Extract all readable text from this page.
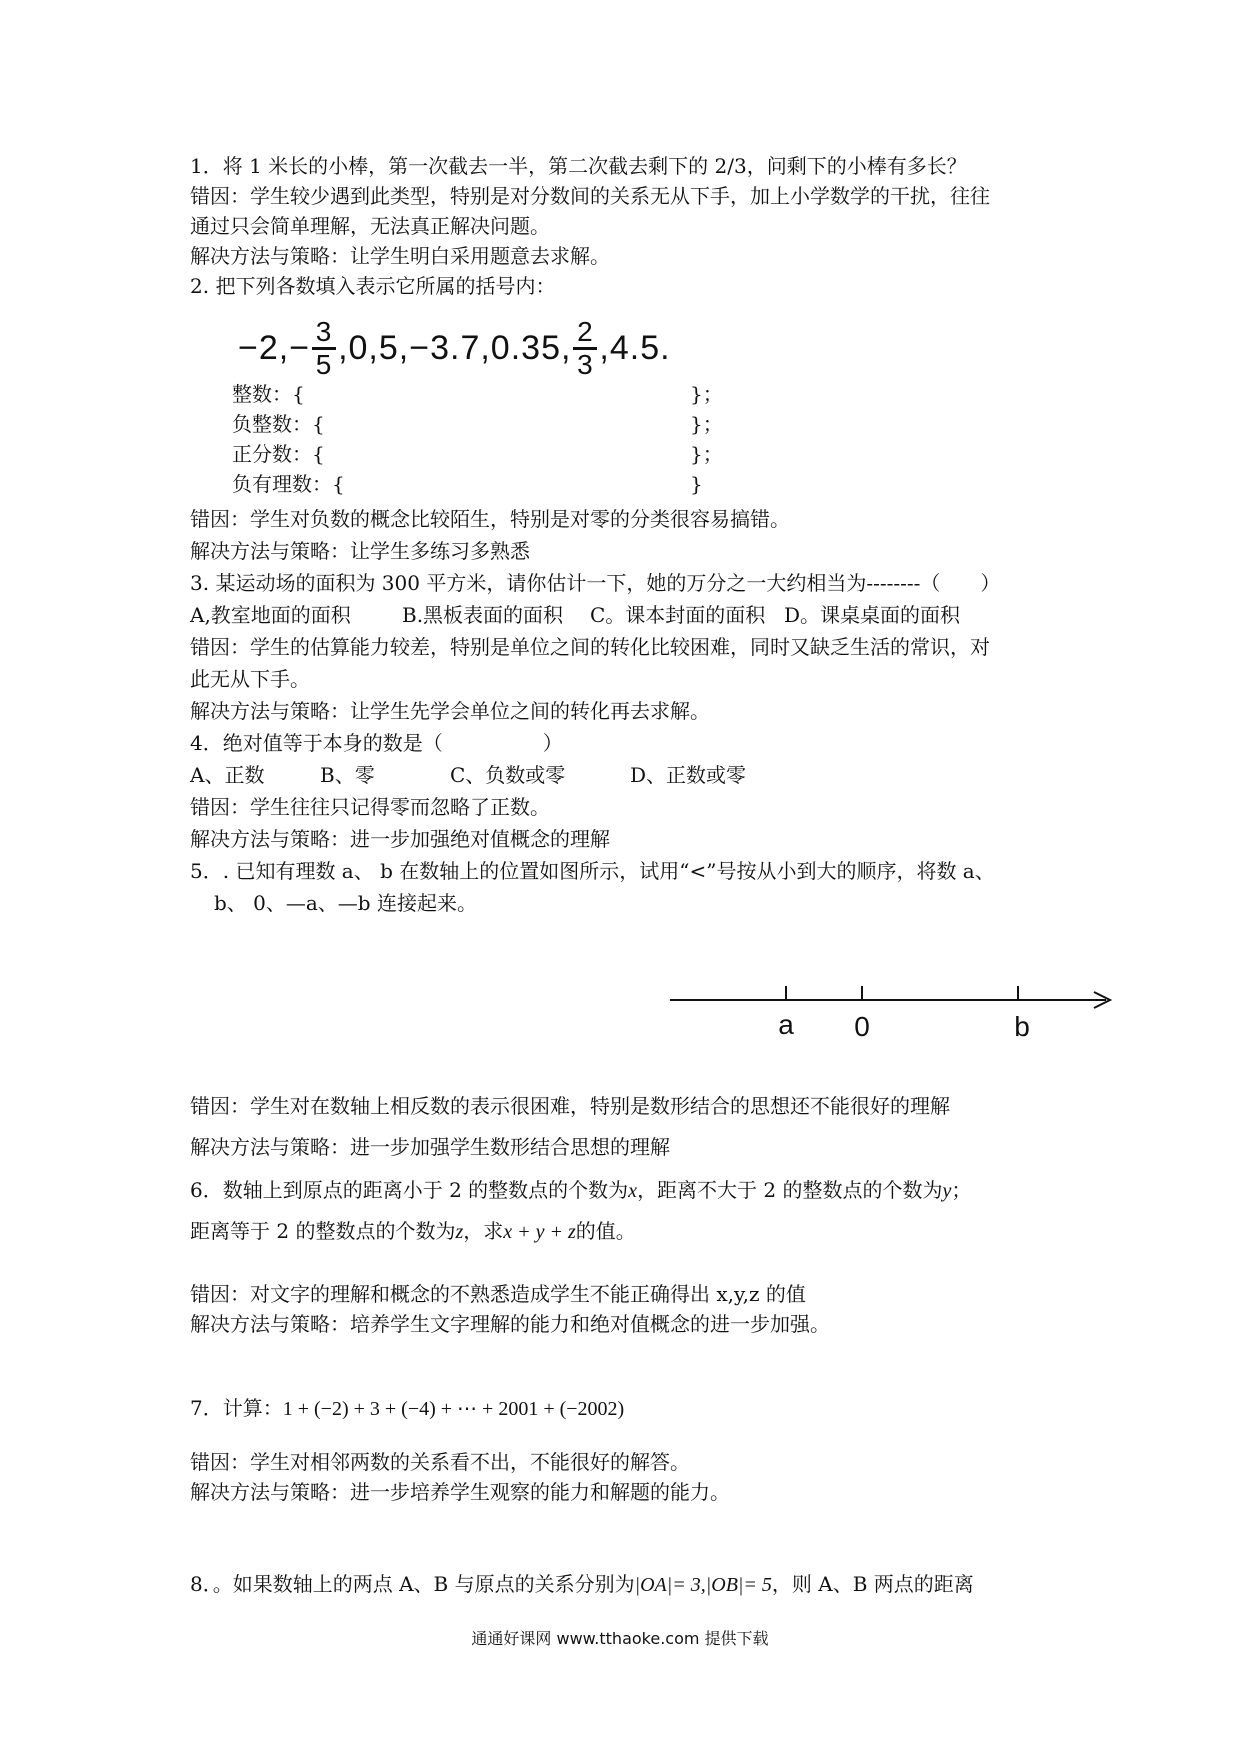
1．将 1 米长的小棒，第一次截去一半，第二次截去剩下的 2/3，问剩下的小棒有多长？
错因：学生较少遇到此类型，特别是对分数间的关系无从下手，加上小学数学的干扰，往往
通过只会简单理解，无法真正解决问题。
解决方法与策略：让学生明白采用题意去求解。
2. 把下列各数填入表示它所属的括号内：
−2, − $\frac{3}{5} ,0,5,-3.7,0.35$, $\frac{2}{3} ,4.5$.
整数：{	}；
负整数：{	}；
正分数：{	}；
负有理数：{	}
错因：学生对负数的概念比较陌生，特别是对零的分类很容易搞错。
解决方法与策略：让学生多练习多熟悉
3. 某运动场的面积为 300 平方米，请你估计一下，她的万分之一大约相当为--------（　　）
A,教室地面的面积	B.黑板表面的面积 C。课本封面的面积 D。课桌桌面的面积
错因：学生的估算能力较差，特别是单位之间的转化比较困难，同时又缺乏生活的常识，对
此无从下手。
解决方法与策略：让学生先学会单位之间的转化再去求解。
4．绝对值等于本身的数是（　　　　　）
A、正数	B、零	C、负数或零	D、正数或零
错因：学生往往只记得零而忽略了正数。
解决方法与策略：进一步加强绝对值概念的理解
5．. 已知有理数 a、 b 在数轴上的位置如图所示，试用“<”号按从小到大的顺序，将数 a、
b、 0、—a、—b 连接起来。
a 0	b
错因：学生对在数轴上相反数的表示很困难，特别是数形结合的思想还不能很好的理解
解决方法与策略：进一步加强学生数形结合思想的理解
6．数轴上到原点的距离小于 2 的整数点的个数为x，距离不大于 2 的整数点的个数为y；
距离等于 2 的整数点的个数为z，求x + y + z的值。
错因：对文字的理解和概念的不熟悉造成学生不能正确得出 x,y,z 的值
解决方法与策略：培养学生文字理解的能力和绝对值概念的进一步加强。
7．计算：1 + (−2) + 3 + (−4) + ⋯ + 2001 + (−2002)
错因：学生对相邻两数的关系看不出，不能很好的解答。
解决方法与策略：进一步培养学生观察的能力和解题的能力。
8．。如果数轴上的两点 A、B 与原点的关系分别为|OA|= 3,|OB|= 5，则 A、B 两点的距离
通通好课网 www.tthaoke.com 提供下载
